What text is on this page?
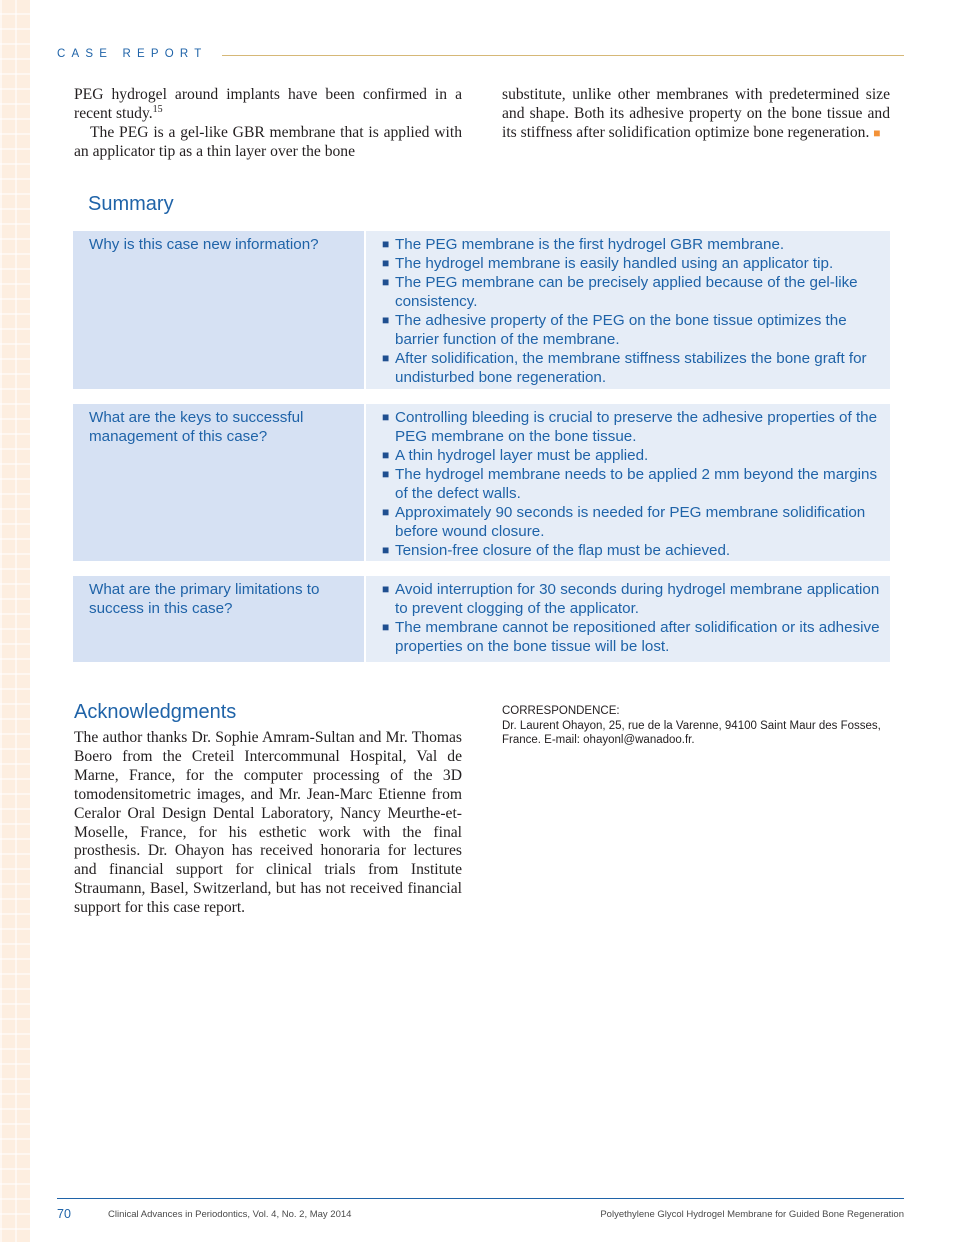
CASE REPORT

PEG hydrogel around implants have been confirmed in a recent study.$^{15}$

The PEG is a gel-like GBR membrane that is applied with an applicator tip as a thin layer over the bone

substitute, unlike other membranes with predetermined size and shape. Both its adhesive property on the bone tissue and its stiffness after solidification optimize bone regeneration. ■

Summary
Why is this case new information?	■ The PEG membrane is the first hydrogel GBR membrane.
■ The hydrogel membrane is easily handled using an applicator tip.
■ The PEG membrane can be precisely applied because of the gel-like consistency.
■ The adhesive property of the PEG on the bone tissue optimizes the barrier function of the membrane.
■ After solidification, the membrane stiffness stabilizes the bone graft for undisturbed bone regeneration.
What are the keys to successful management of this case?
■ Controlling bleeding is crucial to preserve the adhesive properties of the PEG membrane on the bone tissue.
■ A thin hydrogel layer must be applied.
■ The hydrogel membrane needs to be applied 2 mm beyond the margins of the defect walls.
■ Approximately 90 seconds is needed for PEG membrane solidification before wound closure.
■ Tension-free closure of the flap must be achieved.
What are the primary limitations to success in this case?
■ Avoid interruption for 30 seconds during hydrogel membrane application to prevent clogging of the applicator.
■ The membrane cannot be repositioned after solidification or its adhesive properties on the bone tissue will be lost.
Acknowledgments

The author thanks Dr. Sophie Amram-Sultan and Mr. Thomas Boero from the Creteil Intercommunal Hospital, Val de Marne, France, for the computer processing of the 3D tomodensitometric images, and Mr. Jean-Marc Etienne from Ceralor Oral Design Dental Laboratory, Nancy Meurthe-et-Moselle, France, for his esthetic work with the final prosthesis. Dr. Ohayon has received honoraria for lectures and financial support for clinical trials from Institute Straumann, Basel, Switzerland, but has not received financial support for this case report.

CORRESPONDENCE:

Dr. Laurent Ohayon, 25, rue de la Varenne, 94100 Saint Maur des Fosses, France. E-mail: ohayonl@wanadoo.fr.

70	Clinical Advances in Periodontics, Vol. 4, No. 2, May 2014	Polyethylene Glycol Hydrogel Membrane for Guided Bone Regeneration
